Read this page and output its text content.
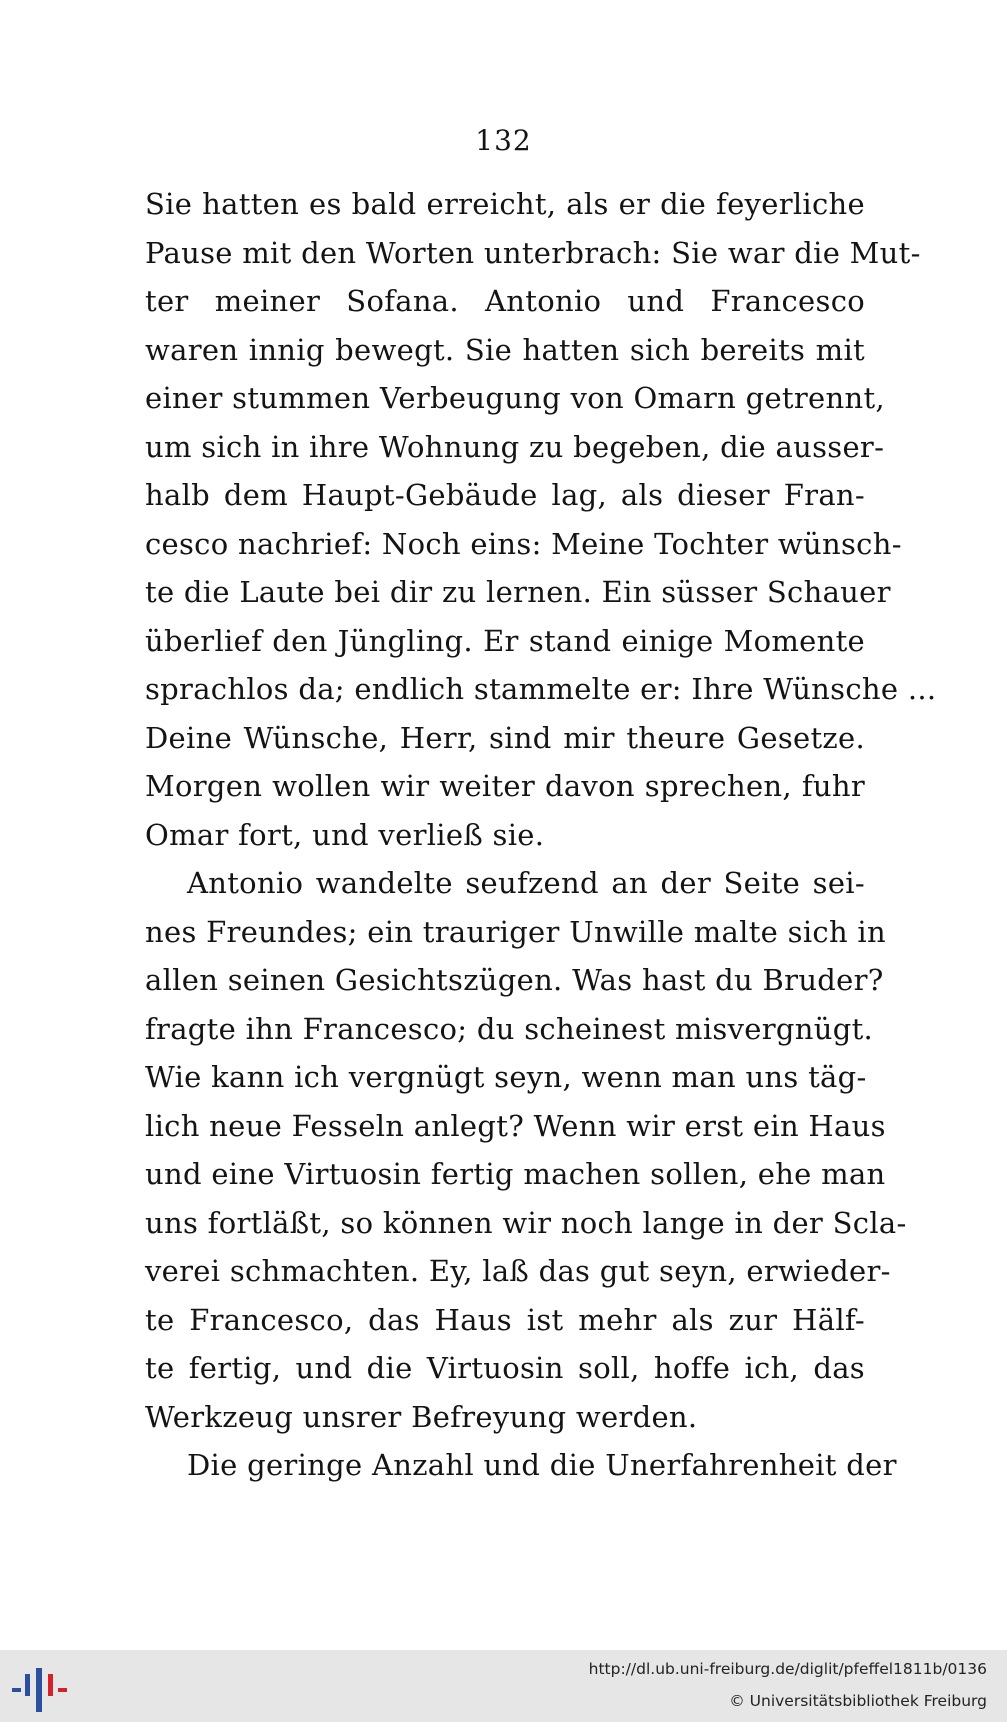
132
Sie hatten es bald erreicht, als er die feyerliche
Pause mit den Worten unterbrach: Sie war die Mut-
ter meiner Sofana. Antonio und Francesco
waren innig bewegt. Sie hatten sich bereits mit
einer stummen Verbeugung von Omarn getrennt,
um sich in ihre Wohnung zu begeben, die ausser-
halb dem Haupt-Gebäude lag, als dieser Fran-
cesco nachrief: Noch eins: Meine Tochter wünsch-
te die Laute bei dir zu lernen. Ein süsser Schauer
überlief den Jüngling. Er stand einige Momente
sprachlos da; endlich stammelte er: Ihre Wünsche ...
Deine Wünsche, Herr, sind mir theure Gesetze.
Morgen wollen wir weiter davon sprechen, fuhr
Omar fort, und verließ sie.
Antonio wandelte seufzend an der Seite sei-
nes Freundes; ein trauriger Unwille malte sich in
allen seinen Gesichtszügen. Was hast du Bruder?
fragte ihn Francesco; du scheinest misvergnügt.
Wie kann ich vergnügt seyn, wenn man uns täg-
lich neue Fesseln anlegt? Wenn wir erst ein Haus
und eine Virtuosin fertig machen sollen, ehe man
uns fortläßt, so können wir noch lange in der Scla-
verei schmachten. Ey, laß das gut seyn, erwieder-
te Francesco, das Haus ist mehr als zur Hälf-
te fertig, und die Virtuosin soll, hoffe ich, das
Werkzeug unsrer Befreyung werden.
Die geringe Anzahl und die Unerfahrenheit der
http://dl.ub.uni-freiburg.de/diglit/pfeffel1811b/0136
© Universitätsbibliothek Freiburg
